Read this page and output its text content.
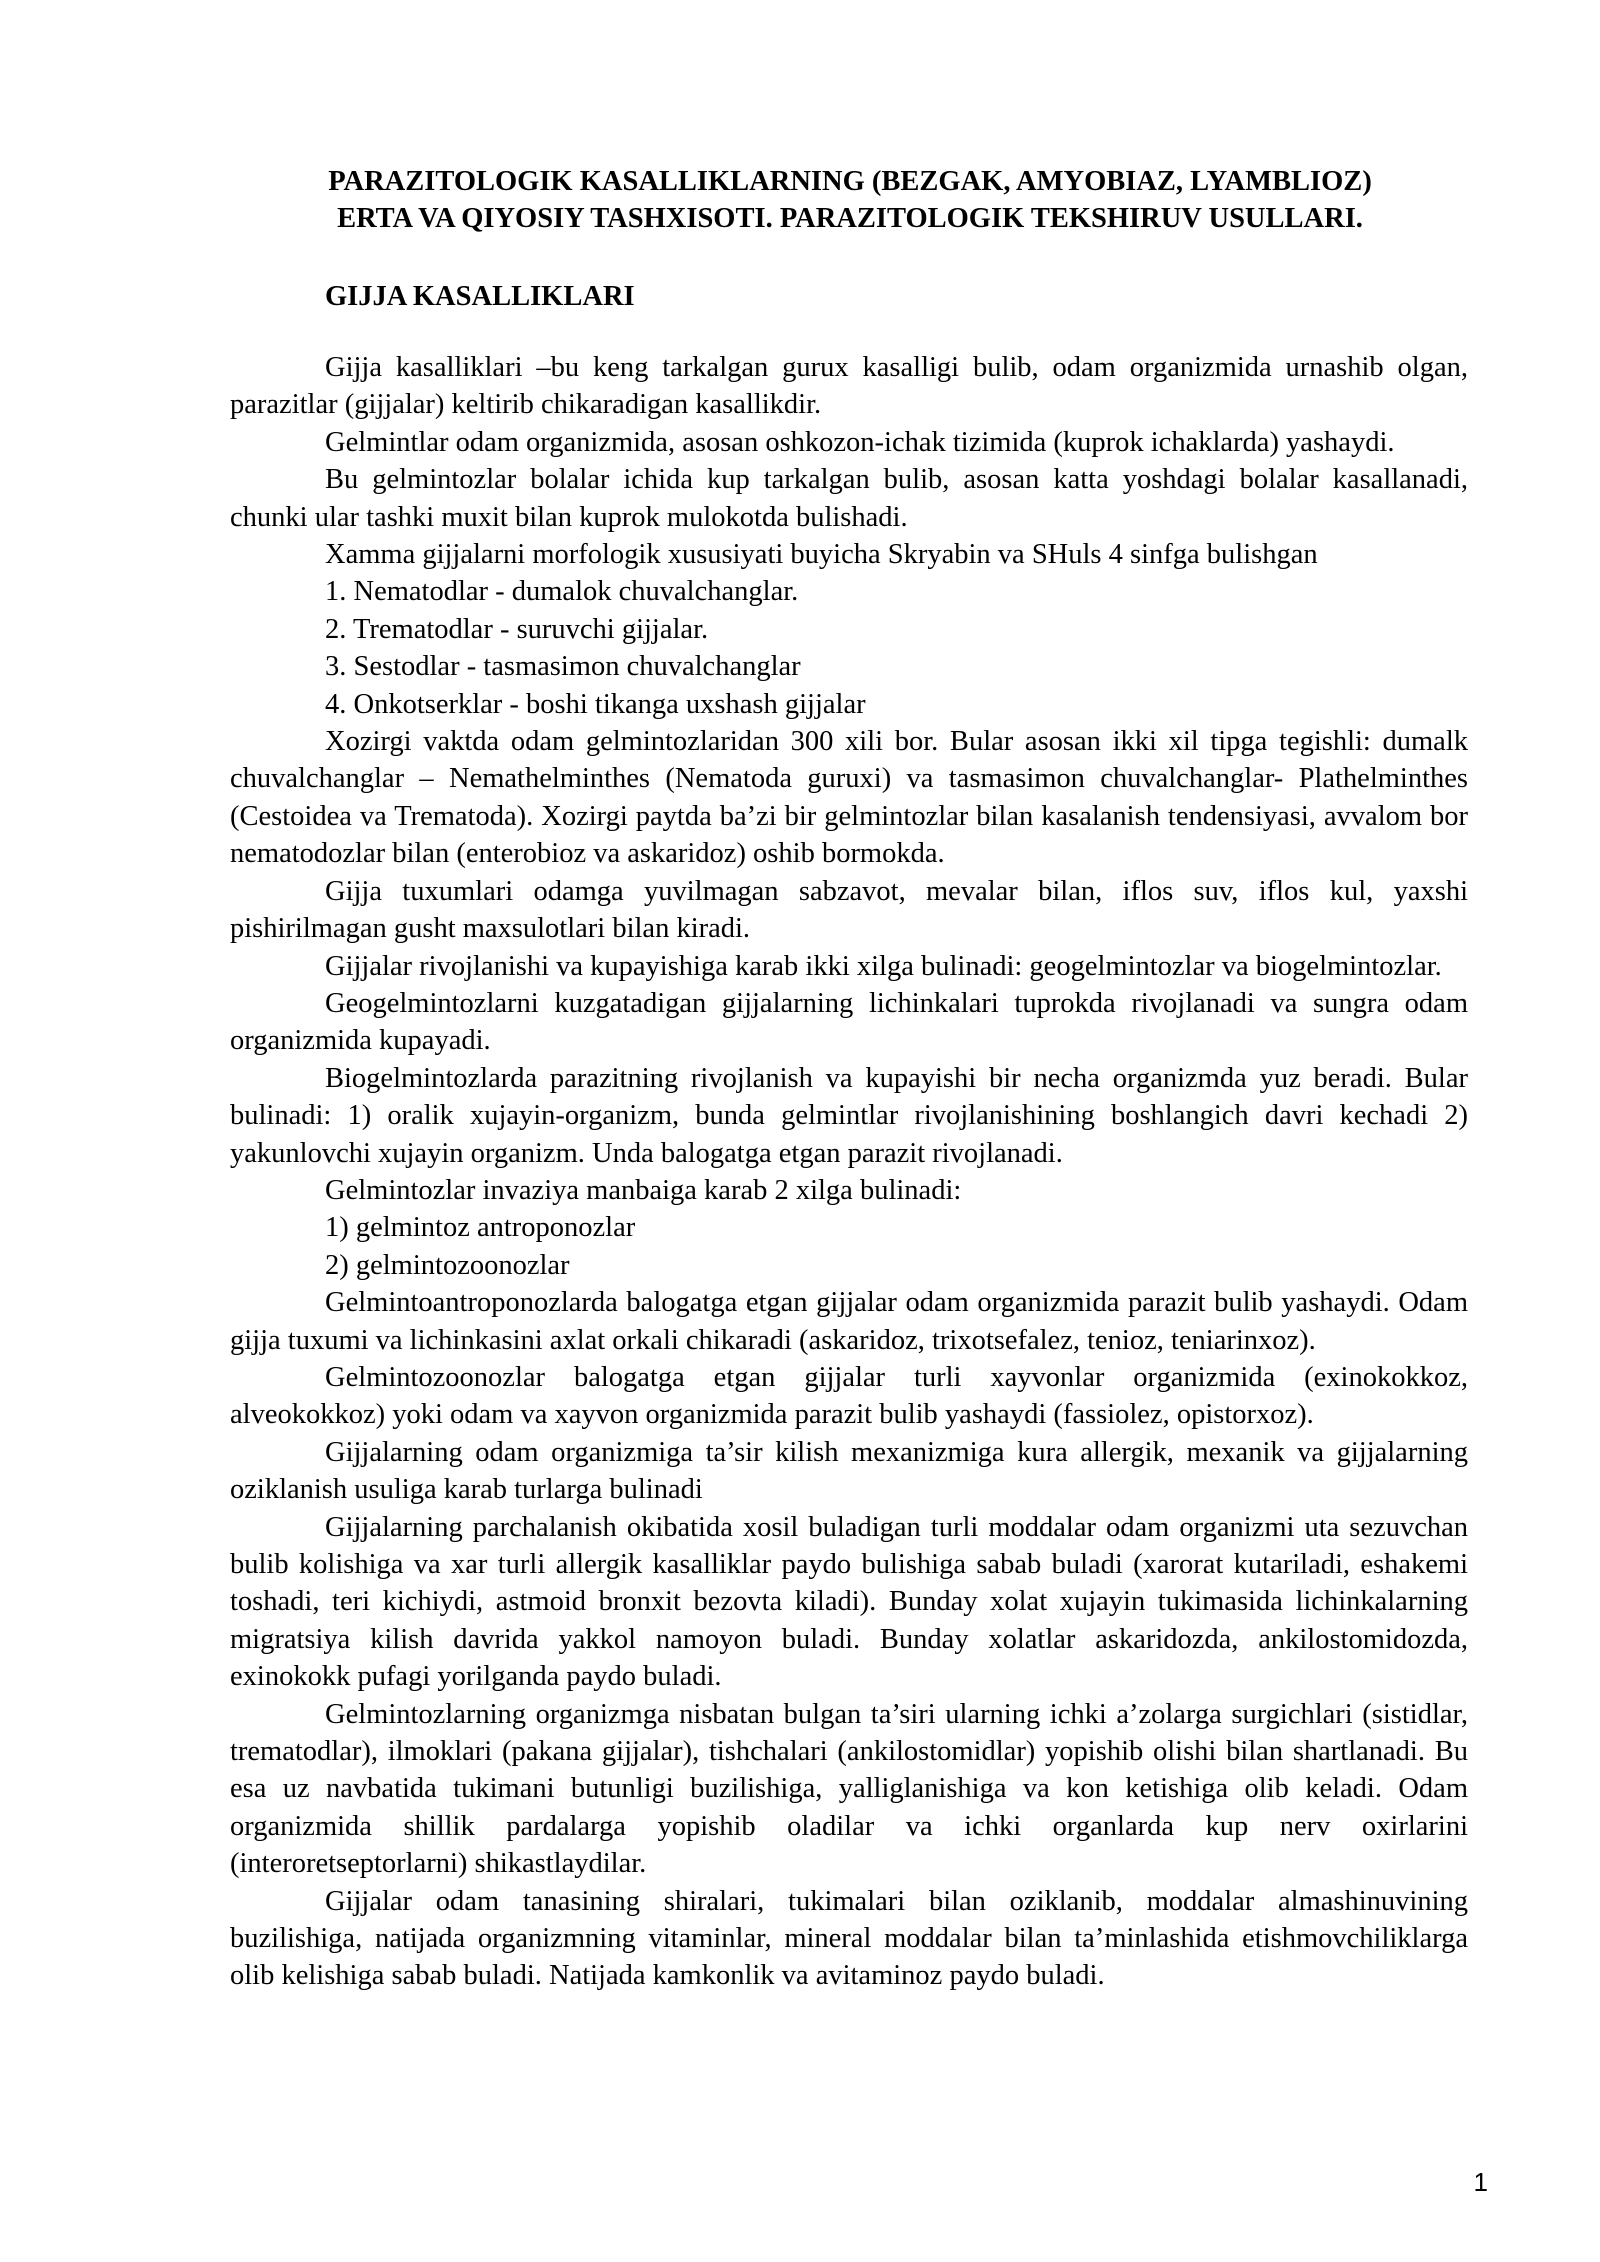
PARAZITOLOGIK KASALLIKLARNING (BEZGAK, AMYOBIAZ, LYAMBLIOZ)
ERTA VA QIYOSIY TASHXISOTI. PARAZITOLOGIK TEKSHIRUV USULLARI.
GIJJA KASALLIKLARI

Gijja kasalliklari –bu keng tarkalgan gurux kasalligi bulib, odam organizmida urnashib olgan, parazitlar (gijjalar) keltirib chikaradigan kasallikdir.

Gelmintlar odam organizmida, asosan oshkozon-ichak tizimida (kuprok ichaklarda) yashaydi.

Bu gelmintozlar bolalar ichida kup tarkalgan bulib, asosan katta yoshdagi bolalar kasallanadi, chunki ular tashki muxit bilan kuprok mulokotda bulishadi.

Xamma gijjalarni morfologik xususiyati buyicha Skryabin va SHuls 4 sinfga bulishgan

1. Nematodlar - dumalok chuvalchanglar.

2. Trematodlar - suruvchi gijjalar.

3. Sestodlar - tasmasimon chuvalchanglar

4. Onkotserklar - boshi tikanga uxshash gijjalar

Xozirgi vaktda odam gelmintozlaridan 300 xili bor. Bular asosan ikki xil tipga tegishli: dumalk chuvalchanglar – Nemathelminthes (Nematoda guruxi) va tasmasimon chuvalchanglar- Plathelminthes (Cestoidea va Trematoda). Xozirgi paytda ba’zi bir gelmintozlar bilan kasalanish tendensiyasi, avvalom bor nematodozlar bilan (enterobioz va askaridoz) oshib bormokda.

Gijja tuxumlari odamga yuvilmagan sabzavot, mevalar bilan, iflos suv, iflos kul, yaxshi pishirilmagan gusht maxsulotlari bilan kiradi.

Gijjalar rivojlanishi va kupayishiga karab ikki xilga bulinadi: geogelmintozlar va biogelmintozlar.

Geogelmintozlarni kuzgatadigan gijjalarning lichinkalari tuprokda rivojlanadi va sungra odam organizmida kupayadi.

Biogelmintozlarda parazitning rivojlanish va kupayishi bir necha organizmda yuz beradi. Bular bulinadi: 1) oralik xujayin-organizm, bunda gelmintlar rivojlanishining boshlangich davri kechadi 2) yakunlovchi xujayin organizm. Unda balogatga etgan parazit rivojlanadi.

Gelmintozlar invaziya manbaiga karab 2 xilga bulinadi:

1) gelmintoz antroponozlar

2) gelmintozoonozlar

Gelmintoantroponozlarda balogatga etgan gijjalar odam organizmida parazit bulib yashaydi. Odam gijja tuxumi va lichinkasini axlat orkali chikaradi (askaridoz, trixotsefalez, tenioz, teniarinxoz).

Gelmintozoonozlar balogatga etgan gijjalar turli xayvonlar organizmida (exinokokkoz, alveokokkoz) yoki odam va xayvon organizmida parazit bulib yashaydi (fassiolez, opistorxoz).

Gijjalarning odam organizmiga ta’sir kilish mexanizmiga kura allergik, mexanik va gijjalarning oziklanish usuliga karab turlarga bulinadi

Gijjalarning parchalanish okibatida xosil buladigan turli moddalar odam organizmi uta sezuvchan bulib kolishiga va xar turli allergik kasalliklar paydo bulishiga sabab buladi (xarorat kutariladi, eshakemi toshadi, teri kichiydi, astmoid bronxit bezovta kiladi). Bunday xolat xujayin tukimasida lichinkalarning migratsiya kilish davrida yakkol namoyon buladi. Bunday xolatlar askaridozda, ankilostomidozda, exinokokk pufagi yorilganda paydo buladi.

Gelmintozlarning organizmga nisbatan bulgan ta’siri ularning ichki a’zolarga surgichlari (sistidlar, trematodlar), ilmoklari (pakana gijjalar), tishchalari (ankilostomidlar) yopishib olishi bilan shartlanadi. Bu esa uz navbatida tukimani butunligi buzilishiga, yalliglanishiga va kon ketishiga olib keladi. Odam organizmida shillik pardalarga yopishib oladilar va ichki organlarda kup nerv oxirlarini (interoretseptorlarni) shikastlaydilar.

Gijjalar odam tanasining shiralari, tukimalari bilan oziklanib, moddalar almashinuvining buzilishiga, natijada organizmning vitaminlar, mineral moddalar bilan ta’minlashida etishmovchiliklarga olib kelishiga sabab buladi. Natijada kamkonlik va avitaminoz paydo buladi.

1
